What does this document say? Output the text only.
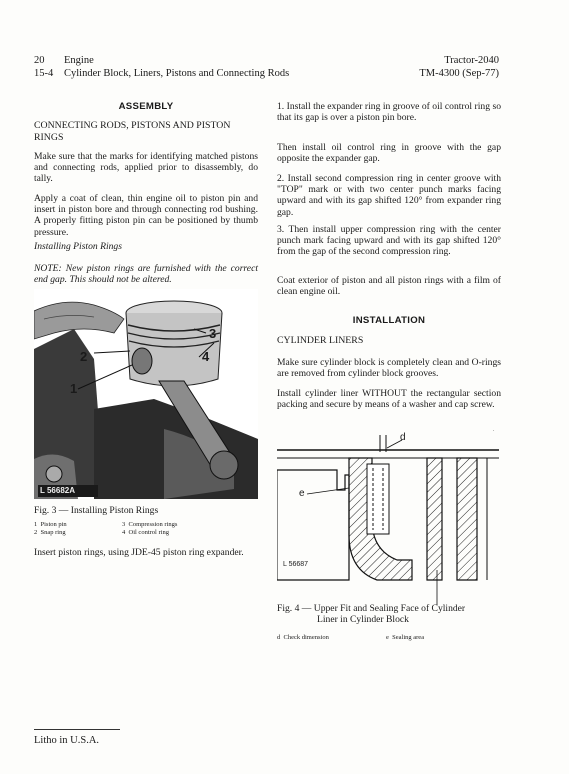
20 Engine
15-4 Cylinder Block, Liners, Pistons and Connecting Rods
Tractor-2040
TM-4300 (Sep-77)
ASSEMBLY
CONNECTING RODS, PISTONS AND PISTON RINGS
Make sure that the marks for identifying matched pistons and connecting rods, applied prior to disassembly, do tally.
Apply a coat of clean, thin engine oil to piston pin and insert in piston bore and through connecting rod bushing. A properly fitting piston pin can be positioned by thumb pressure.
Installing Piston Rings
NOTE: New piston rings are furnished with the correct end gap. This should not be altered.
2
1
3
4
L 56682A
Fig. 3 — Installing Piston Rings
1 Piston pin
2 Snap ring
3 Compression rings
4 Oil control ring
Insert piston rings, using JDE-45 piston ring expander.
1. Install the expander ring in groove of oil control ring so that its gap is over a piston pin bore.
Then install oil control ring in groove with the gap opposite the expander gap.
2. Install second compression ring in center groove with "TOP" mark or with two center punch marks facing upward and with its gap shifted 120° from expander ring gap.
3. Then install upper compression ring with the center punch mark facing upward and with its gap shifted 120° from the gap of the second compression ring.
Coat exterior of piston and all piston rings with a film of clean engine oil.
INSTALLATION
CYLINDER LINERS
Make sure cylinder block is completely clean and O-rings are removed from cylinder block grooves.
Install cylinder liner WITHOUT the rectangular section packing and secure by means of a washer and cap screw.
d
e
L 56687
Fig. 4 — Upper Fit and Sealing Face of Cylinder
Liner in Cylinder Block
d Check dimension	e Sealing area
Litho in U.S.A.
